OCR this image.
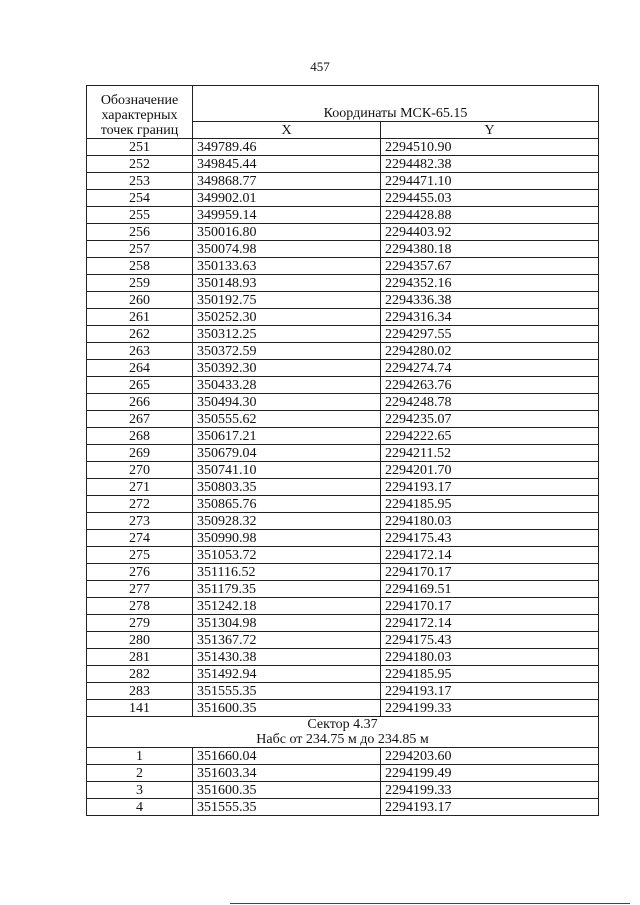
457
Обозначение характерных точек границ	Координаты МСК-65.15	
	X	Y
251	349789.46	2294510.90
252	349845.44	2294482.38
253	349868.77	2294471.10
254	349902.01	2294455.03
255	349959.14	2294428.88
256	350016.80	2294403.92
257	350074.98	2294380.18
258	350133.63	2294357.67
259	350148.93	2294352.16
260	350192.75	2294336.38
261	350252.30	2294316.34
262	350312.25	2294297.55
263	350372.59	2294280.02
264	350392.30	2294274.74
265	350433.28	2294263.76
266	350494.30	2294248.78
267	350555.62	2294235.07
268	350617.21	2294222.65
269	350679.04	2294211.52
270	350741.10	2294201.70
271	350803.35	2294193.17
272	350865.76	2294185.95
273	350928.32	2294180.03
274	350990.98	2294175.43
275	351053.72	2294172.14
276	351116.52	2294170.17
277	351179.35	2294169.51
278	351242.18	2294170.17
279	351304.98	2294172.14
280	351367.72	2294175.43
281	351430.38	2294180.03
282	351492.94	2294185.95
283	351555.35	2294193.17
141	351600.35	2294199.33

Сектор 4.37
Набс от 234.75 м до 234.85 м		

1	351660.04	2294203.60
2	351603.34	2294199.49
3	351600.35	2294199.33
4	351555.35	2294193.17
